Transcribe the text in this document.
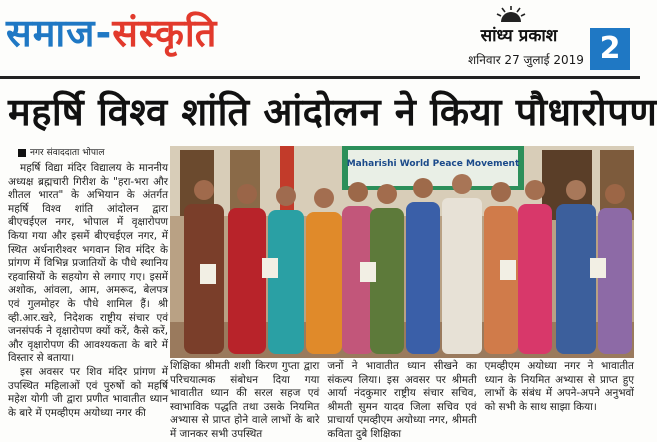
समाज-संस्कृति	सांध्य प्रकाश
शनिवार 27 जुलाई 2019 2
महर्षि विश्व शांति आंदोलन ने किया पौधारोपण
नगर संवाददाता भोपाल

महर्षि विद्या मंदिर विद्यालय के माननीय अध्यक्ष ब्रह्मचारी गिरीश के "हरा-भरा और शीतल भारत" के अभियान के अंतर्गत महर्षि विश्व शांति आंदोलन द्वारा बीएचईएल नगर, भोपाल में वृक्षारोपण किया गया और इसमें बीएचईएल नगर, में स्थित अर्धनारीश्वर भगवान शिव मंदिर के प्रांगण में विभिन्न प्रजातियों के पौधे स्थानिय रहवासियों के सहयोग से लगाए गए। इसमें अशोक, आंवला, आम, अमरूद, बेलपत्र एवं गुलमोहर के पौधे शामिल हैं। श्री व्ही.आर.खरे, निदेशक राष्ट्रीय संचार एवं जनसंपर्क ने वृक्षारोपण क्यों करें, कैसे करें, और वृक्षारोपण की आवश्यकता के बारे में विस्तार से बताया।

इस अवसर पर शिव मंदिर प्रांगण में उपस्थित महिलाओं एवं पुरुषों को महर्षि महेश योगी जी द्वारा प्रणीत भावातीत ध्यान के बारे में एमव्हीएम अयोध्या नगर की

Maharishi World Peace Movement
शिक्षिका श्रीमती शशी किरण गुप्ता द्वारा परिचयात्मक संबोधन दिया गया भावातीत ध्यान की सरल सहज एवं स्वाभाविक पद्धति तथा उसके नियमित अभ्यास से प्राप्त होने वाले लाभों के बारे में जानकर सभी उपस्थित
जनों ने भावातीत ध्यान सीखने का संकल्प लिया। इस अवसर पर श्रीमती आर्या नंदकुमार राष्ट्रीय संचार सचिव, श्रीमती सुमन यादव जिला सचिव एवं प्राचार्या एमव्हीएम अयोध्या नगर, श्रीमती कविता दुबे शिक्षिका
एमव्हीएम अयोध्या नगर ने भावातीत ध्यान के नियमित अभ्यास से प्राप्त हुए लाभों के संबंध में अपने-अपने अनुभवों को सभी के साथ साझा किया।
